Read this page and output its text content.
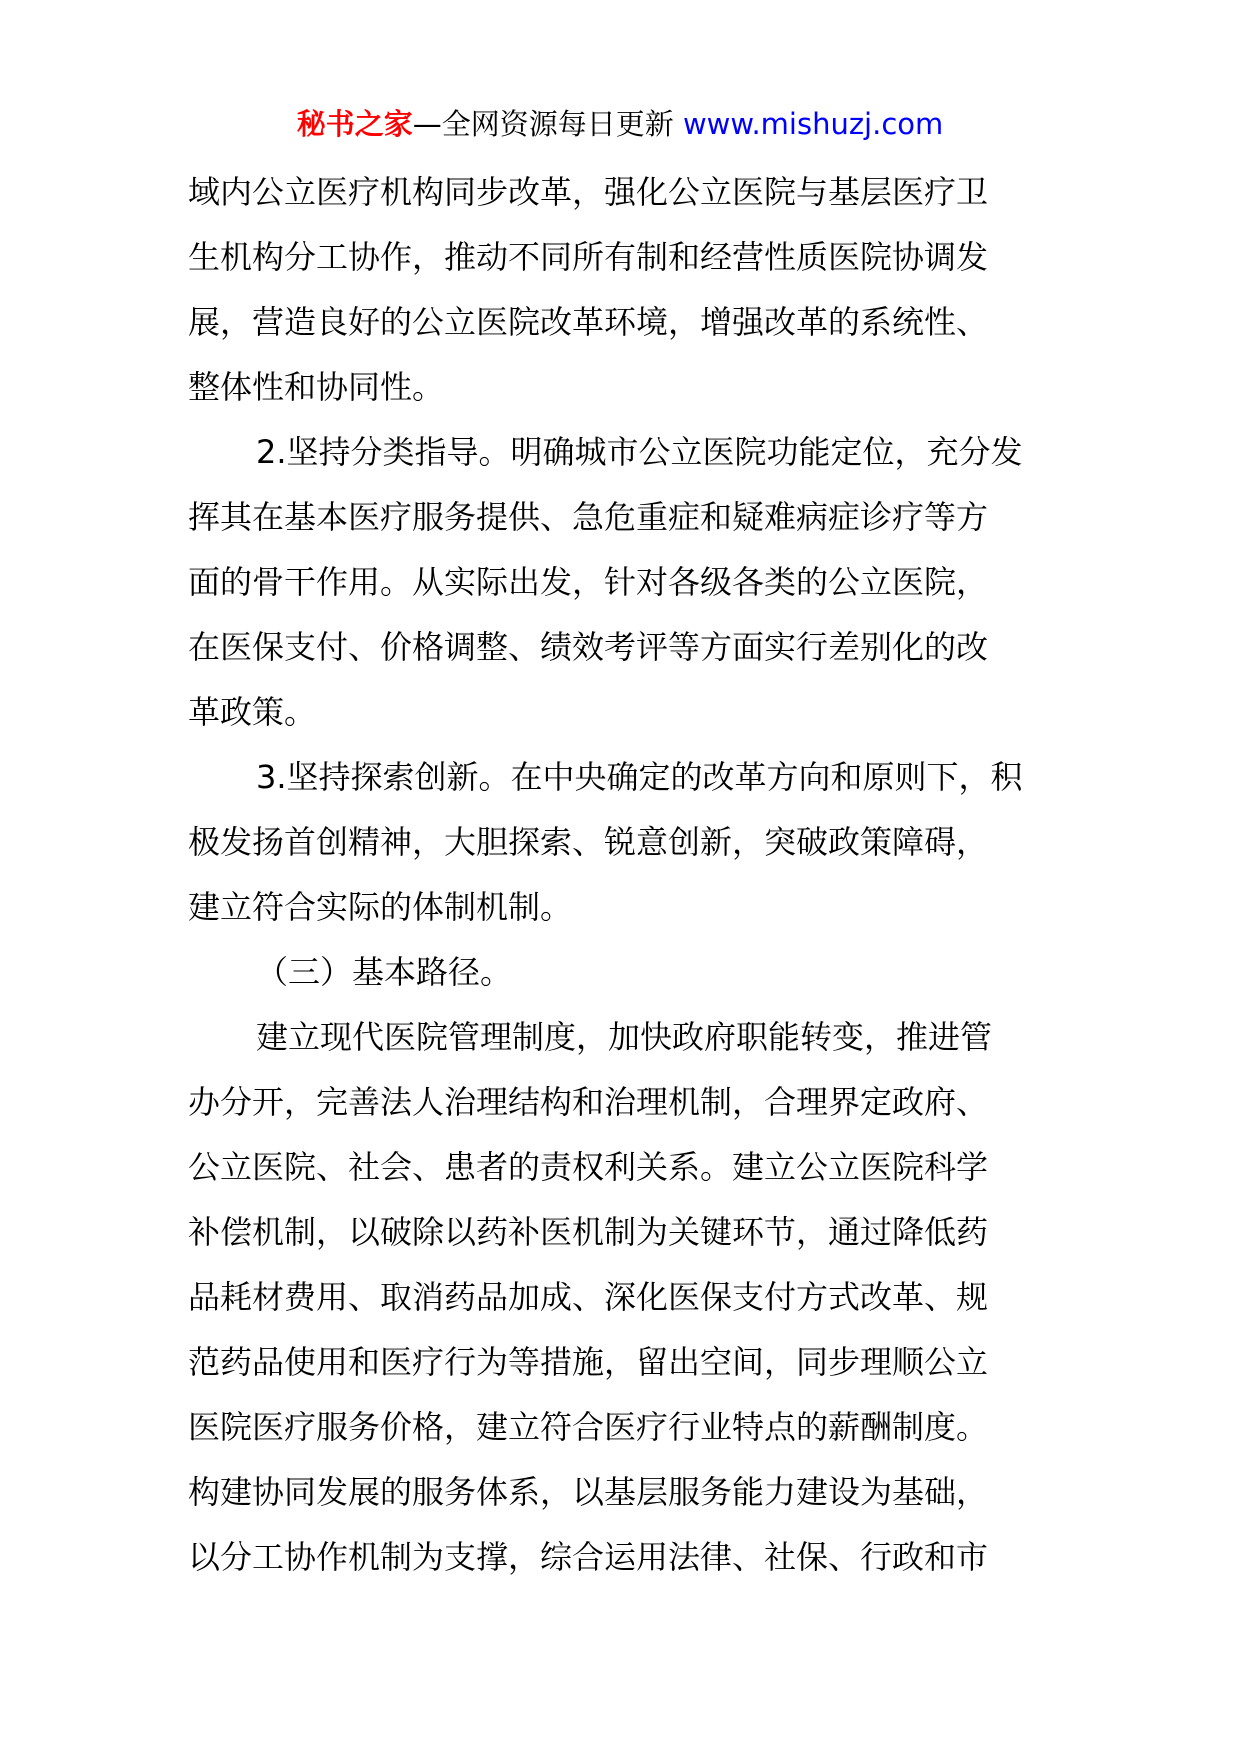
秘书之家—全网资源每日更新 www.mishuzj.com
域内公立医疗机构同步改革，强化公立医院与基层医疗卫
生机构分工协作，推动不同所有制和经营性质医院协调发
展，营造良好的公立医院改革环境，增强改革的系统性、
整体性和协同性。
2.坚持分类指导。明确城市公立医院功能定位，充分发
挥其在基本医疗服务提供、急危重症和疑难病症诊疗等方
面的骨干作用。从实际出发，针对各级各类的公立医院，
在医保支付、价格调整、绩效考评等方面实行差别化的改
革政策。
3.坚持探索创新。在中央确定的改革方向和原则下，积
极发扬首创精神，大胆探索、锐意创新，突破政策障碍，
建立符合实际的体制机制。
（三）基本路径。
建立现代医院管理制度，加快政府职能转变，推进管
办分开，完善法人治理结构和治理机制，合理界定政府、
公立医院、社会、患者的责权利关系。建立公立医院科学
补偿机制，以破除以药补医机制为关键环节，通过降低药
品耗材费用、取消药品加成、深化医保支付方式改革、规
范药品使用和医疗行为等措施，留出空间，同步理顺公立
医院医疗服务价格，建立符合医疗行业特点的薪酬制度。
构建协同发展的服务体系，以基层服务能力建设为基础，
以分工协作机制为支撑，综合运用法律、社保、行政和市
